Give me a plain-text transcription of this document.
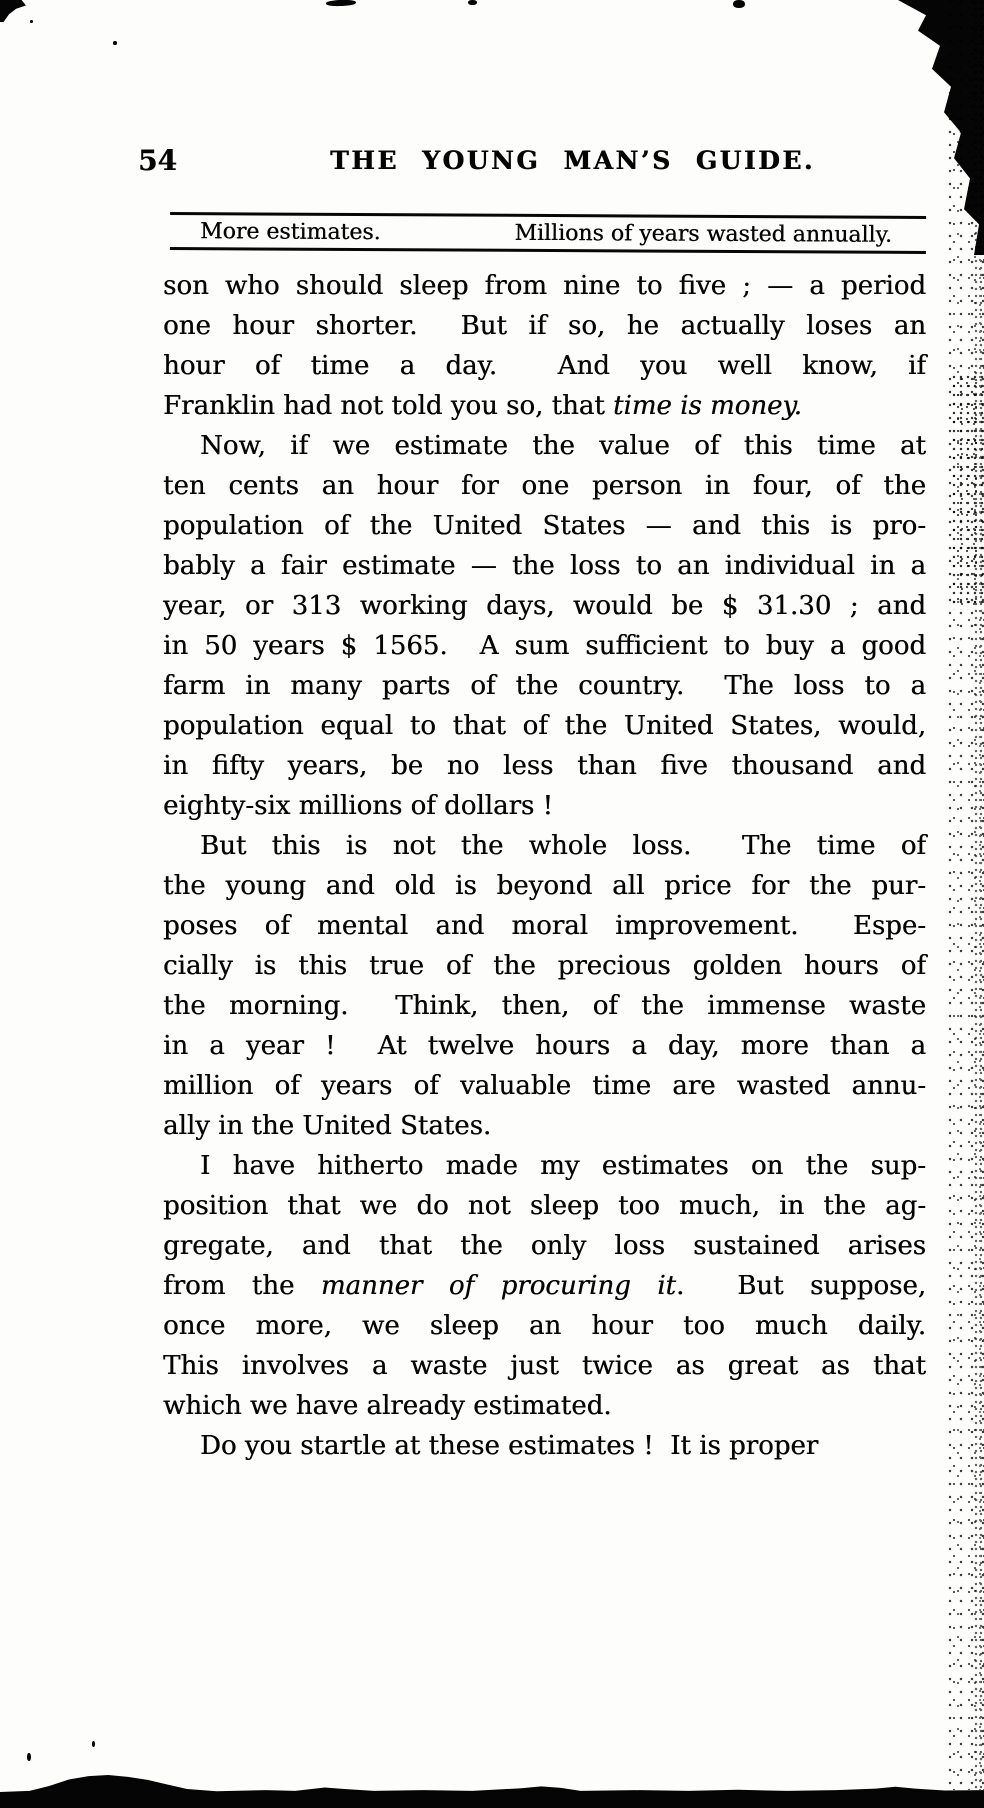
54	THE YOUNG MAN’S GUIDE.
More estimates.	Millions of years wasted annually.
son who should sleep from nine to five ; — a period
one hour shorter.  But if so, he actually loses an
hour of time a day.  And you well know, if
Franklin had not told you so, that time is money.
Now, if we estimate the value of this time at
ten cents an hour for one person in four, of the
population of the United States — and this is pro-
bably a fair estimate — the loss to an individual in a
year, or 313 working days, would be $ 31.30 ; and
in 50 years $ 1565.  A sum sufficient to buy a good
farm in many parts of the country.  The loss to a
population equal to that of the United States, would,
in fifty years, be no less than five thousand and
eighty-six millions of dollars !
But this is not the whole loss.  The time of
the young and old is beyond all price for the pur-
poses of mental and moral improvement.  Espe-
cially is this true of the precious golden hours of
the morning.  Think, then, of the immense waste
in a year !  At twelve hours a day, more than a
million of years of valuable time are wasted annu-
ally in the United States.
I have hitherto made my estimates on the sup-
position that we do not sleep too much, in the ag-
gregate, and that the only loss sustained arises
from the manner of procuring it.  But suppose,
once more, we sleep an hour too much daily.
This involves a waste just twice as great as that
which we have already estimated.
Do you startle at these estimates !  It is proper
